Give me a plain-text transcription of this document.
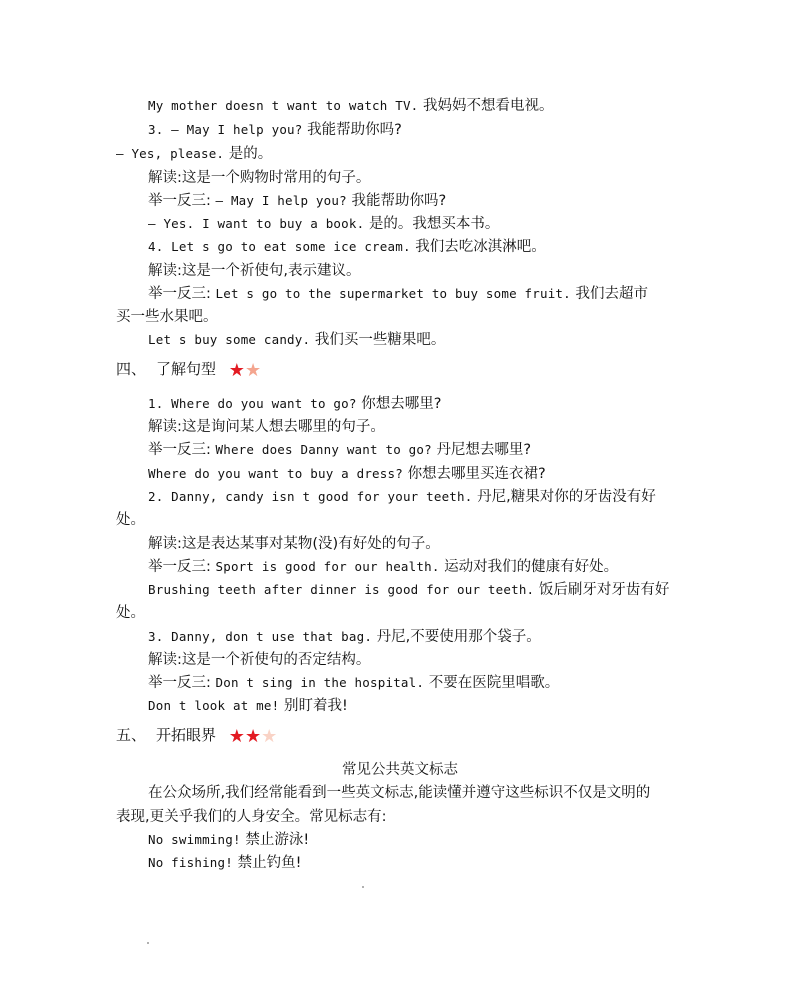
My mother doesn t want to watch TV. 我妈妈不想看电视。
3. — May I help you? 我能帮助你吗?
— Yes, please. 是的。
解读:这是一个购物时常用的句子。
举一反三: — May I help you? 我能帮助你吗?
— Yes. I want to buy a book. 是的。我想买本书。
4. Let s go to eat some ice cream. 我们去吃冰淇淋吧。
解读:这是一个祈使句,表示建议。
举一反三: Let s go to the supermarket to buy some fruit. 我们去超市
买一些水果吧。
Let s buy some candy. 我们买一些糖果吧。
四、 了解句型 ★★
1. Where do you want to go? 你想去哪里?
解读:这是询问某人想去哪里的句子。
举一反三: Where does Danny want to go? 丹尼想去哪里?
Where do you want to buy a dress? 你想去哪里买连衣裙?
2. Danny, candy isn t good for your teeth. 丹尼,糖果对你的牙齿没有好
处。
解读:这是表达某事对某物(没)有好处的句子。
举一反三: Sport is good for our health. 运动对我们的健康有好处。
Brushing teeth after dinner is good for our teeth. 饭后刷牙对牙齿有好
处。
3. Danny, don t use that bag. 丹尼,不要使用那个袋子。
解读:这是一个祈使句的否定结构。
举一反三: Don t sing in the hospital. 不要在医院里唱歌。
Don t look at me! 别盯着我!
五、 开拓眼界 ★★★
常见公共英文标志
在公众场所,我们经常能看到一些英文标志,能读懂并遵守这些标识不仅是文明的
表现,更关乎我们的人身安全。常见标志有:
No swimming! 禁止游泳!
No fishing! 禁止钓鱼!
